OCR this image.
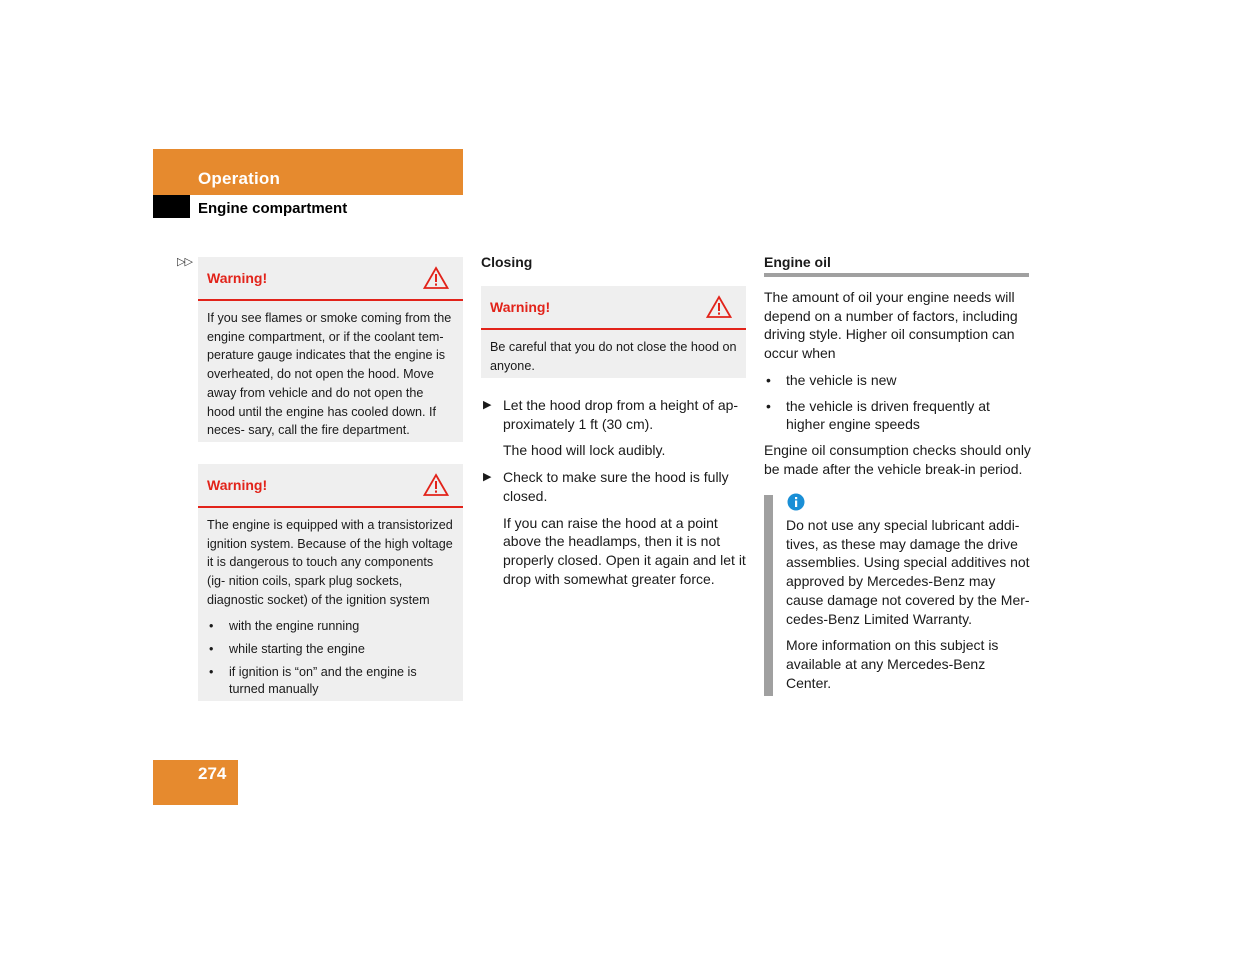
Operation
Engine compartment
▷▷
Warning!

If you see flames or smoke coming from the engine compartment, or if the coolant tem- perature gauge indicates that the engine is overheated, do not open the hood. Move away from vehicle and do not open the hood until the engine has cooled down. If neces- sary, call the fire department.

Warning!

The engine is equipped with a transistorized ignition system. Because of the high voltage it is dangerous to touch any components (ig- nition coils, spark plug sockets, diagnostic socket) of the ignition system

• with the engine running
• while starting the engine
• if ignition is “on” and the engine is turned manually
Closing
Warning!

Be careful that you do not close the hood on anyone.

▶ Let the hood drop from a height of ap- proximately 1 ft (30 cm).

The hood will lock audibly.

▶ Check to make sure the hood is fully closed.

If you can raise the hood at a point above the headlamps, then it is not properly closed. Open it again and let it drop with somewhat greater force.

Engine oil

The amount of oil your engine needs will depend on a number of factors, including driving style. Higher oil consumption can occur when

• the vehicle is new

• the vehicle is driven frequently at higher engine speeds

Engine oil consumption checks should only be made after the vehicle break-in period.

Do not use any special lubricant addi- tives, as these may damage the drive assemblies. Using special additives not approved by Mercedes-Benz may cause damage not covered by the Mer- cedes-Benz Limited Warranty.

More information on this subject is available at any Mercedes-Benz Center.

274
